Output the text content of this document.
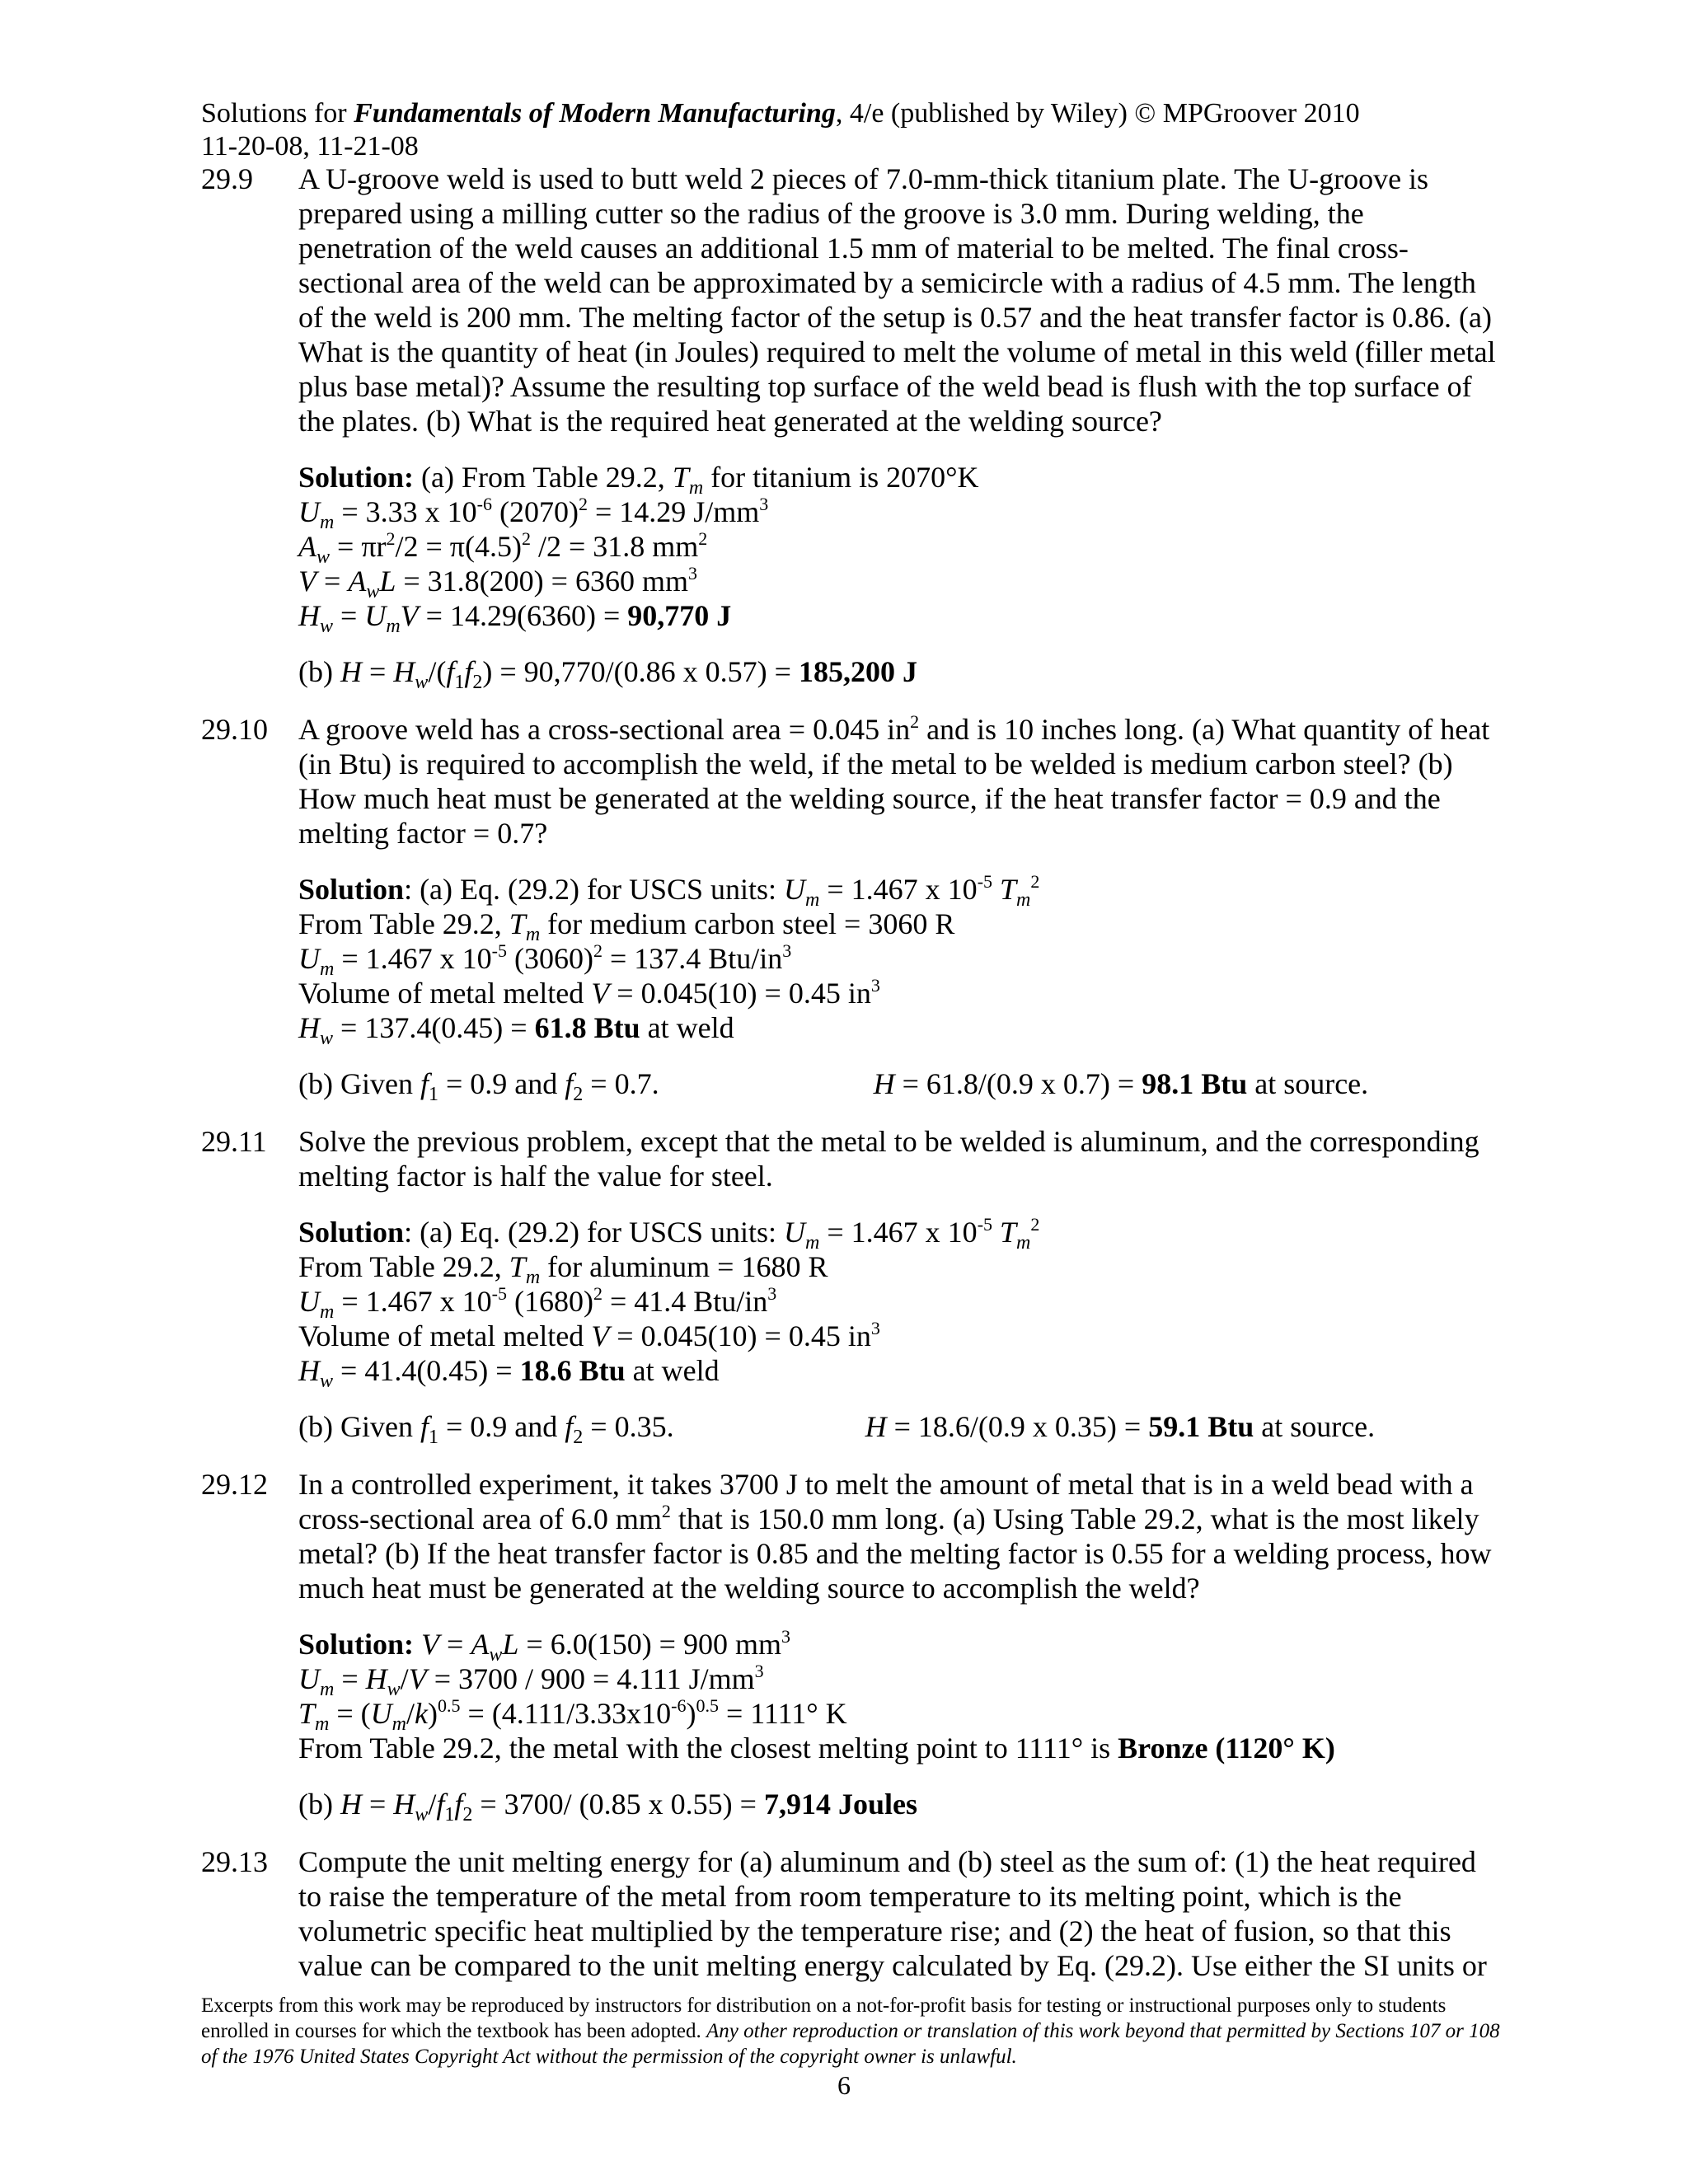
Solutions for Fundamentals of Modern Manufacturing, 4/e (published by Wiley) © MPGroover 2010
11-20-08, 11-21-08
29.9	A U-groove weld is used to butt weld 2 pieces of 7.0-mm-thick titanium plate. The U-groove is prepared using a milling cutter so the radius of the groove is 3.0 mm. During welding, the penetration of the weld causes an additional 1.5 mm of material to be melted. The final cross-sectional area of the weld can be approximated by a semicircle with a radius of 4.5 mm. The length of the weld is 200 mm. The melting factor of the setup is 0.57 and the heat transfer factor is 0.86. (a) What is the quantity of heat (in Joules) required to melt the volume of metal in this weld (filler metal plus base metal)? Assume the resulting top surface of the weld bead is flush with the top surface of the plates. (b) What is the required heat generated at the welding source?

Solution: (a) From Table 29.2, $T_m$ for titanium is 2070°K
$U_m = 3.33$ x $10^{-6}$ $(2070)^2 = 14.29$ $J/mm^3$
$A_w = \pi r^2/2 = \pi(4.5)^2$ /2 = 31.8 $mm^2$
$V = A_wL = 31.8(200) = 6360$ $mm^3$
$H_w = U_mV = 14.29(6360) = 90,770$ J
(b) $H = H_w/(f_1f_2) = 90,770/(0.86$ x 0.57) = 185,200 J
29.10	A groove weld has a cross-sectional area = 0.045 $in^2$ and is 10 inches long. (a) What quantity of heat (in Btu) is required to accomplish the weld, if the metal to be welded is medium carbon steel? (b) How much heat must be generated at the welding source, if the heat transfer factor = 0.9 and the melting factor = 0.7?

Solution: (a) Eq. (29.2) for USCS units: $U_m = 1.467$ x $10^{-5}$ $T_m^2$
From Table 29.2, $T_m$ for medium carbon steel = 3060 R
$U_m = 1.467$ x $10^{-5}$ $(3060)^2 = 137.4$ Btu/$in^3$
Volume of metal melted V = 0.045(10) = 0.45 $in^3$
$H_w = 137.4(0.45) = 61.8$ Btu at weld
(b) Given $f_1 = 0.9$ and $f_2 = 0.7$.	H = 61.8/(0.9 x 0.7) = 98.1 Btu at source.
29.11	Solve the previous problem, except that the metal to be welded is aluminum, and the corresponding melting factor is half the value for steel.

Solution: (a) Eq. (29.2) for USCS units: $U_m = 1.467$ x $10^{-5}$ $T_m^2$
From Table 29.2, $T_m$ for aluminum = 1680 R
$U_m = 1.467$ x $10^{-5}$ $(1680)^2 = 41.4$ Btu/$in^3$
Volume of metal melted V = 0.045(10) = 0.45 $in^3$
$H_w = 41.4(0.45) = 18.6$ Btu at weld
(b) Given $f_1 = 0.9$ and $f_2 = 0.35$.	H = 18.6/(0.9 x 0.35) = 59.1 Btu at source.
29.12	In a controlled experiment, it takes 3700 J to melt the amount of metal that is in a weld bead with a cross-sectional area of 6.0 $mm^2$ that is 150.0 mm long. (a) Using Table 29.2, what is the most likely metal? (b) If the heat transfer factor is 0.85 and the melting factor is 0.55 for a welding process, how much heat must be generated at the welding source to accomplish the weld?

Solution: $V = A_wL = 6.0(150) = 900$ $mm^3$
$U_m = H_w/V = 3700 / 900 = 4.111$ $J/mm^3$
$T_m = (U_m/k)^{0.5} = (4.111/3.33x10^{-6})^{0.5} = 1111^\circ$ K
From Table 29.2, the metal with the closest melting point to 1111° is Bronze (1120° K)
(b) $H = H_w/f_1f_2 = 3700/$ (0.85 x 0.55) = 7,914 Joules
29.13	Compute the unit melting energy for (a) aluminum and (b) steel as the sum of: (1) the heat required to raise the temperature of the metal from room temperature to its melting point, which is the volumetric specific heat multiplied by the temperature rise; and (2) the heat of fusion, so that this value can be compared to the unit melting energy calculated by Eq. (29.2). Use either the SI units or

Excerpts from this work may be reproduced by instructors for distribution on a not-for-profit basis for testing or instructional purposes only to students enrolled in courses for which the textbook has been adopted. Any other reproduction or translation of this work beyond that permitted by Sections 107 or 108 of the 1976 United States Copyright Act without the permission of the copyright owner is unlawful.
6
